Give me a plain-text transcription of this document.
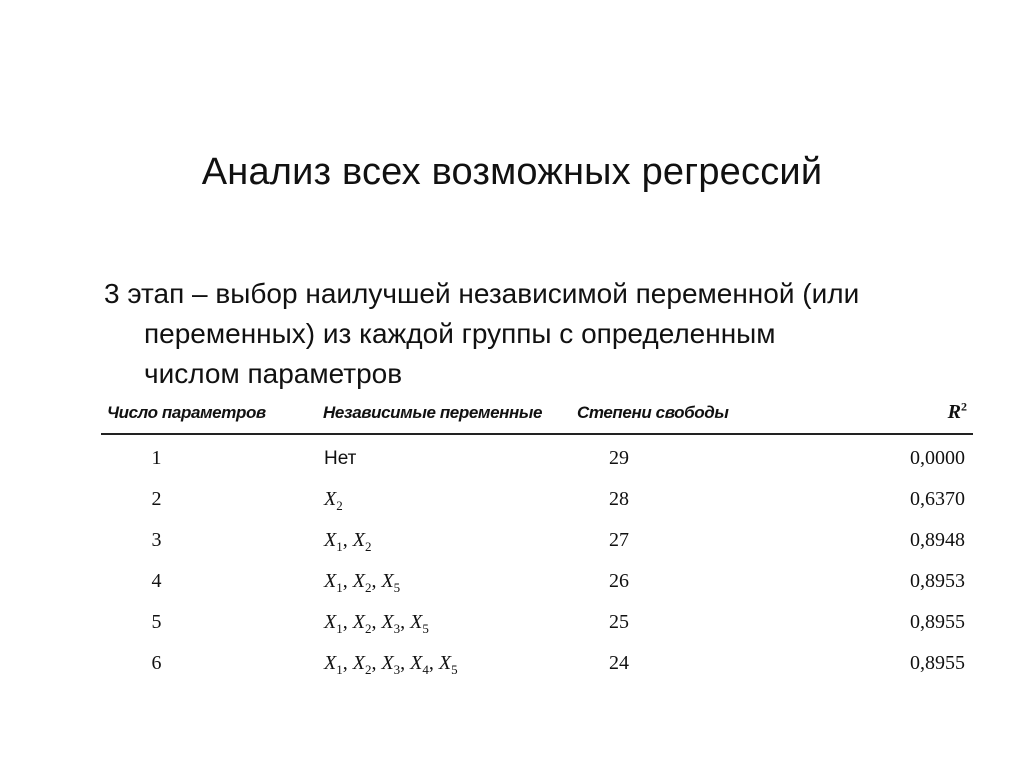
Анализ всех возможных регрессий
3 этап – выбор наилучшей независимой переменной (или
переменных) из каждой группы с определенным
числом параметров
Число параметров	Независимые переменные	Степени свободы	$R^2$
1	Нет	29	0,0000
2	$X_2$	28	0,6370
3	$X_1$, $X_2$	27	0,8948
4	$X_1$, $X_2$, $X_5$	26	0,8953
5	$X_1$, $X_2$, $X_3$, $X_5$	25	0,8955
6	$X_1$, $X_2$, $X_3$, $X_4$, $X_5$	24	0,8955
